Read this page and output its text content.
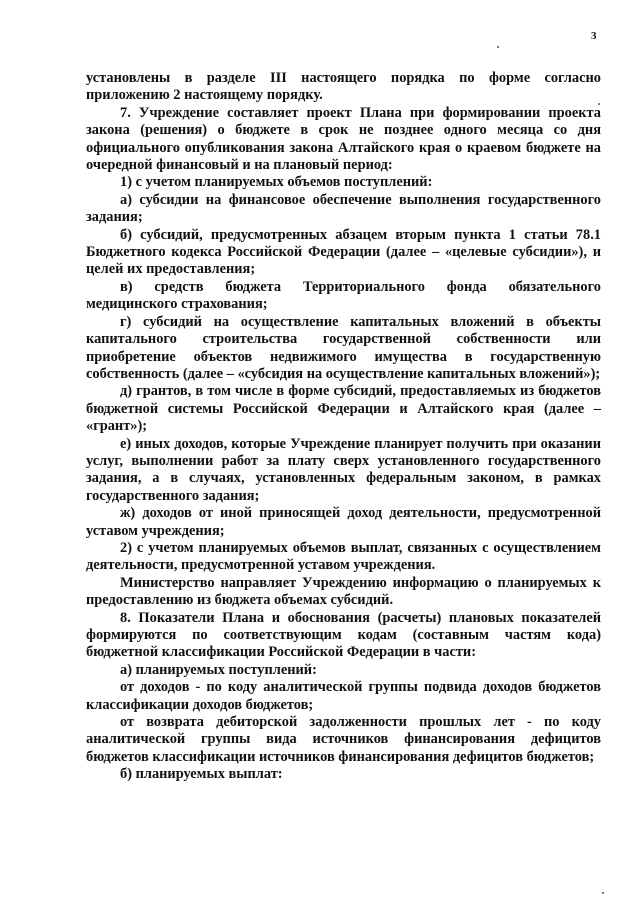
3

установлены в разделе III настоящего порядка по форме согласно приложению 2 настоящему порядку.

7. Учреждение составляет проект Плана при формировании проекта закона (решения) о бюджете в срок не позднее одного месяца со дня официального опубликования закона Алтайского края о краевом бюджете на очередной финансовый и на плановый период:

1) с учетом планируемых объемов поступлений:

а) субсидии на финансовое обеспечение выполнения государственного задания;

б) субсидий, предусмотренных абзацем вторым пункта 1 статьи 78.1 Бюджетного кодекса Российской Федерации (далее – «целевые субсидии»), и целей их предоставления;

в) средств бюджета Территориального фонда обязательного медицинского страхования;

г) субсидий на осуществление капитальных вложений в объекты капитального строительства государственной собственности или приобретение объектов недвижимого имущества в государственную собственность (далее – «субсидия на осуществление капитальных вложений»);

д) грантов, в том числе в форме субсидий, предоставляемых из бюджетов бюджетной системы Российской Федерации и Алтайского края (далее – «грант»);

е) иных доходов, которые Учреждение планирует получить при оказании услуг, выполнении работ за плату сверх установленного государственного задания, а в случаях, установленных федеральным законом, в рамках государственного задания;

ж) доходов от иной приносящей доход деятельности, предусмотренной уставом учреждения;

2) с учетом планируемых объемов выплат, связанных с осуществлением деятельности, предусмотренной уставом учреждения.

Министерство направляет Учреждению информацию о планируемых к предоставлению из бюджета объемах субсидий.

8. Показатели Плана и обоснования (расчеты) плановых показателей формируются по соответствующим кодам (составным частям кода) бюджетной классификации Российской Федерации в части:

а) планируемых поступлений:

от доходов - по коду аналитической группы подвида доходов бюджетов классификации доходов бюджетов;

от возврата дебиторской задолженности прошлых лет - по коду аналитической группы вида источников финансирования дефицитов бюджетов классификации источников финансирования дефицитов бюджетов;

б) планируемых выплат:
